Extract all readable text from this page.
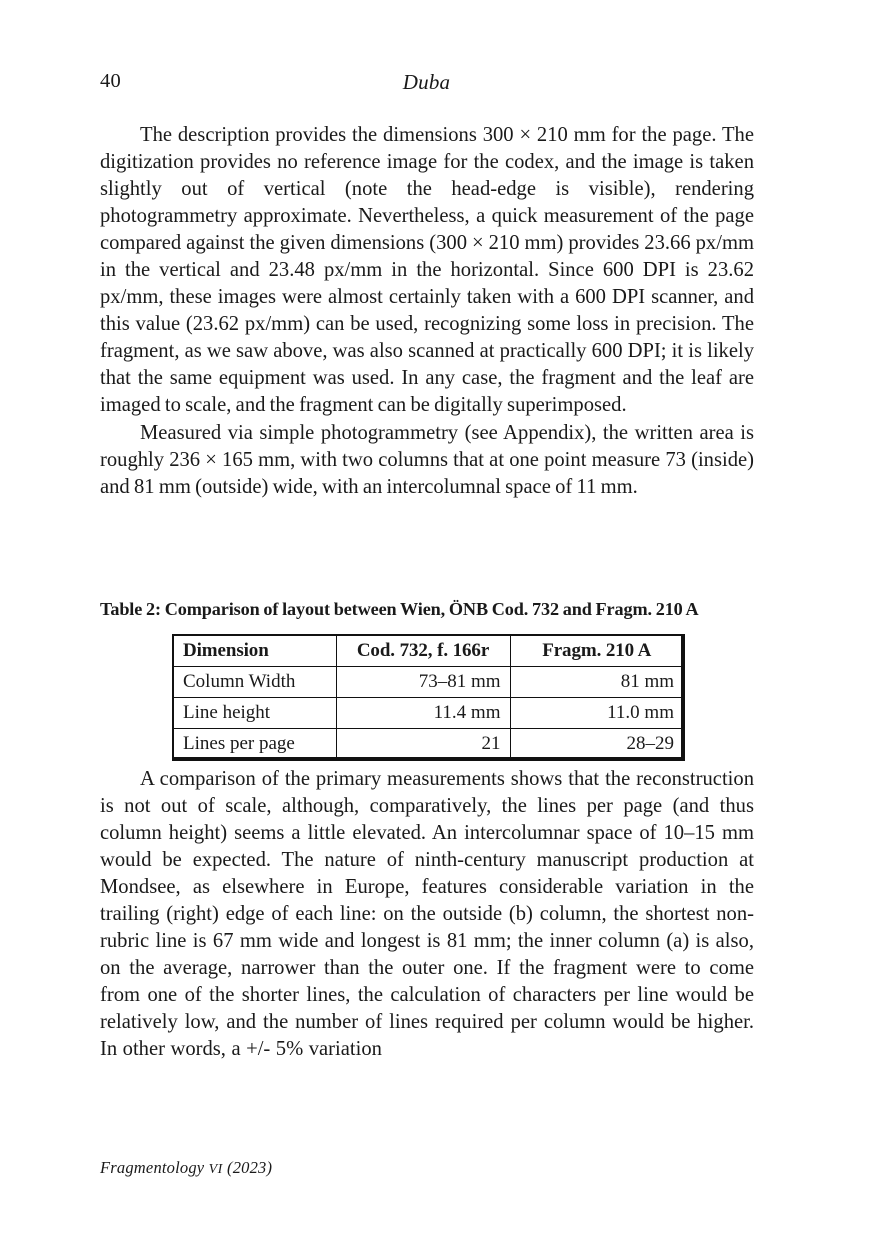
40	Duba

The description provides the dimensions 300 × 210 mm for the page. The digitization provides no reference image for the codex, and the image is taken slightly out of vertical (note the head-edge is visible), rendering photogrammetry approximate. Nevertheless, a quick measurement of the page compared against the given dimensions (300 × 210 mm) provides 23.66 px/mm in the vertical and 23.48 px/mm in the horizontal. Since 600 DPI is 23.62 px/mm, these images were almost certainly taken with a 600 DPI scanner, and this value (23.62 px/mm) can be used, recognizing some loss in precision. The fragment, as we saw above, was also scanned at practically 600 DPI; it is likely that the same equipment was used. In any case, the fragment and the leaf are imaged to scale, and the fragment can be digitally superimposed.

Measured via simple photogrammetry (see Appendix), the written area is roughly 236 × 165 mm, with two columns that at one point measure 73 (inside) and 81 mm (outside) wide, with an intercolumnal space of 11 mm.

Table 2: Comparison of layout between Wien, ÖNB Cod. 732 and Fragm. 210 A
Dimension	Cod. 732, f. 166r	Fragm. 210 A
Column Width	73–81 mm	81 mm
Line height	11.4 mm	11.0 mm
Lines per page	21	28–29

A comparison of the primary measurements shows that the reconstruction is not out of scale, although, comparatively, the lines per page (and thus column height) seems a little elevated. An intercolumnar space of 10–15 mm would be expected. The nature of ninth-century manuscript production at Mondsee, as elsewhere in Europe, features considerable variation in the trailing (right) edge of each line: on the outside (b) column, the shortest non-rubric line is 67 mm wide and longest is 81 mm; the inner column (a) is also, on the average, narrower than the outer one. If the fragment were to come from one of the shorter lines, the calculation of characters per line would be relatively low, and the number of lines required per column would be higher. In other words, a +/- 5% variation

Fragmentology VI (2023)
